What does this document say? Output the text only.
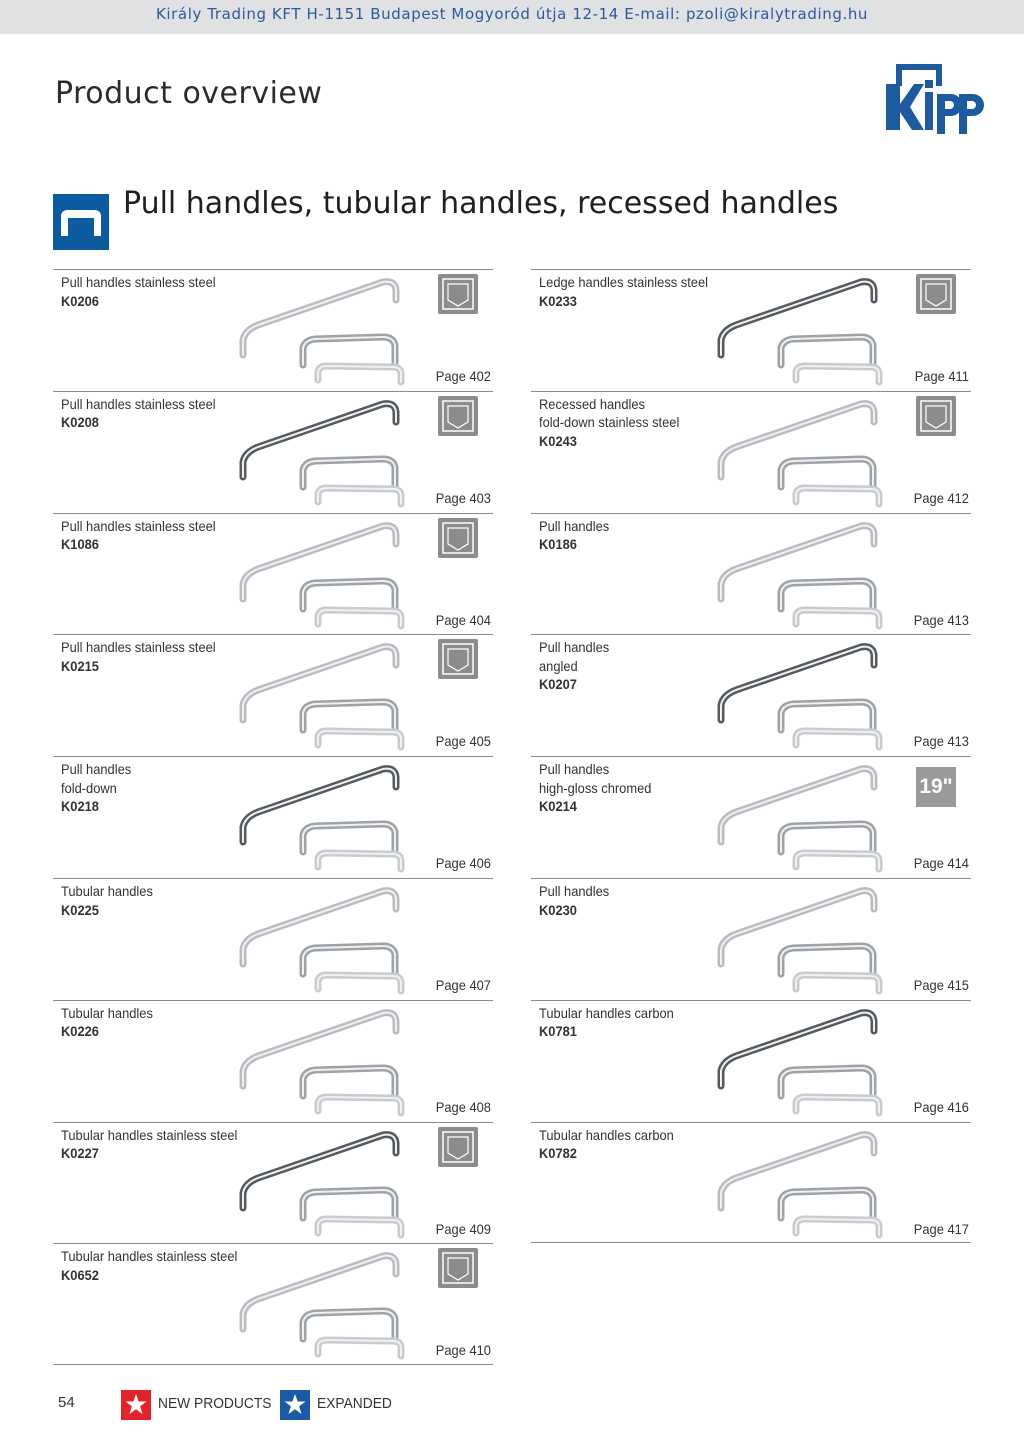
Király Trading KFT H-1151 Budapest Mogyoród útja 12-14 E-mail: pzoli@kiralytrading.hu
Product overview
Pull handles, tubular handles, recessed handles
Pull handles stainless steel
K0206
Page 402
Pull handles stainless steel
K0208
Page 403
Pull handles stainless steel
K1086
Page 404
Pull handles stainless steel
K0215
Page 405
Pull handles
fold-down
K0218
Page 406
Tubular handles
K0225
Page 407
Tubular handles
K0226
Page 408
Tubular handles stainless steel
K0227
Page 409
Tubular handles stainless steel
K0652
Page 410
Ledge handles stainless steel
K0233
Page 411
Recessed handles
fold-down stainless steel
K0243
Page 412
Pull handles
K0186
Page 413
Pull handles
angled
K0207
Page 413
Pull handles
high-gloss chromed
K0214
19"
Page 414
Pull handles
K0230
Page 415
Tubular handles carbon
K0781
Page 416
Tubular handles carbon
K0782
Page 417
54	NEW PRODUCTS	EXPANDED
